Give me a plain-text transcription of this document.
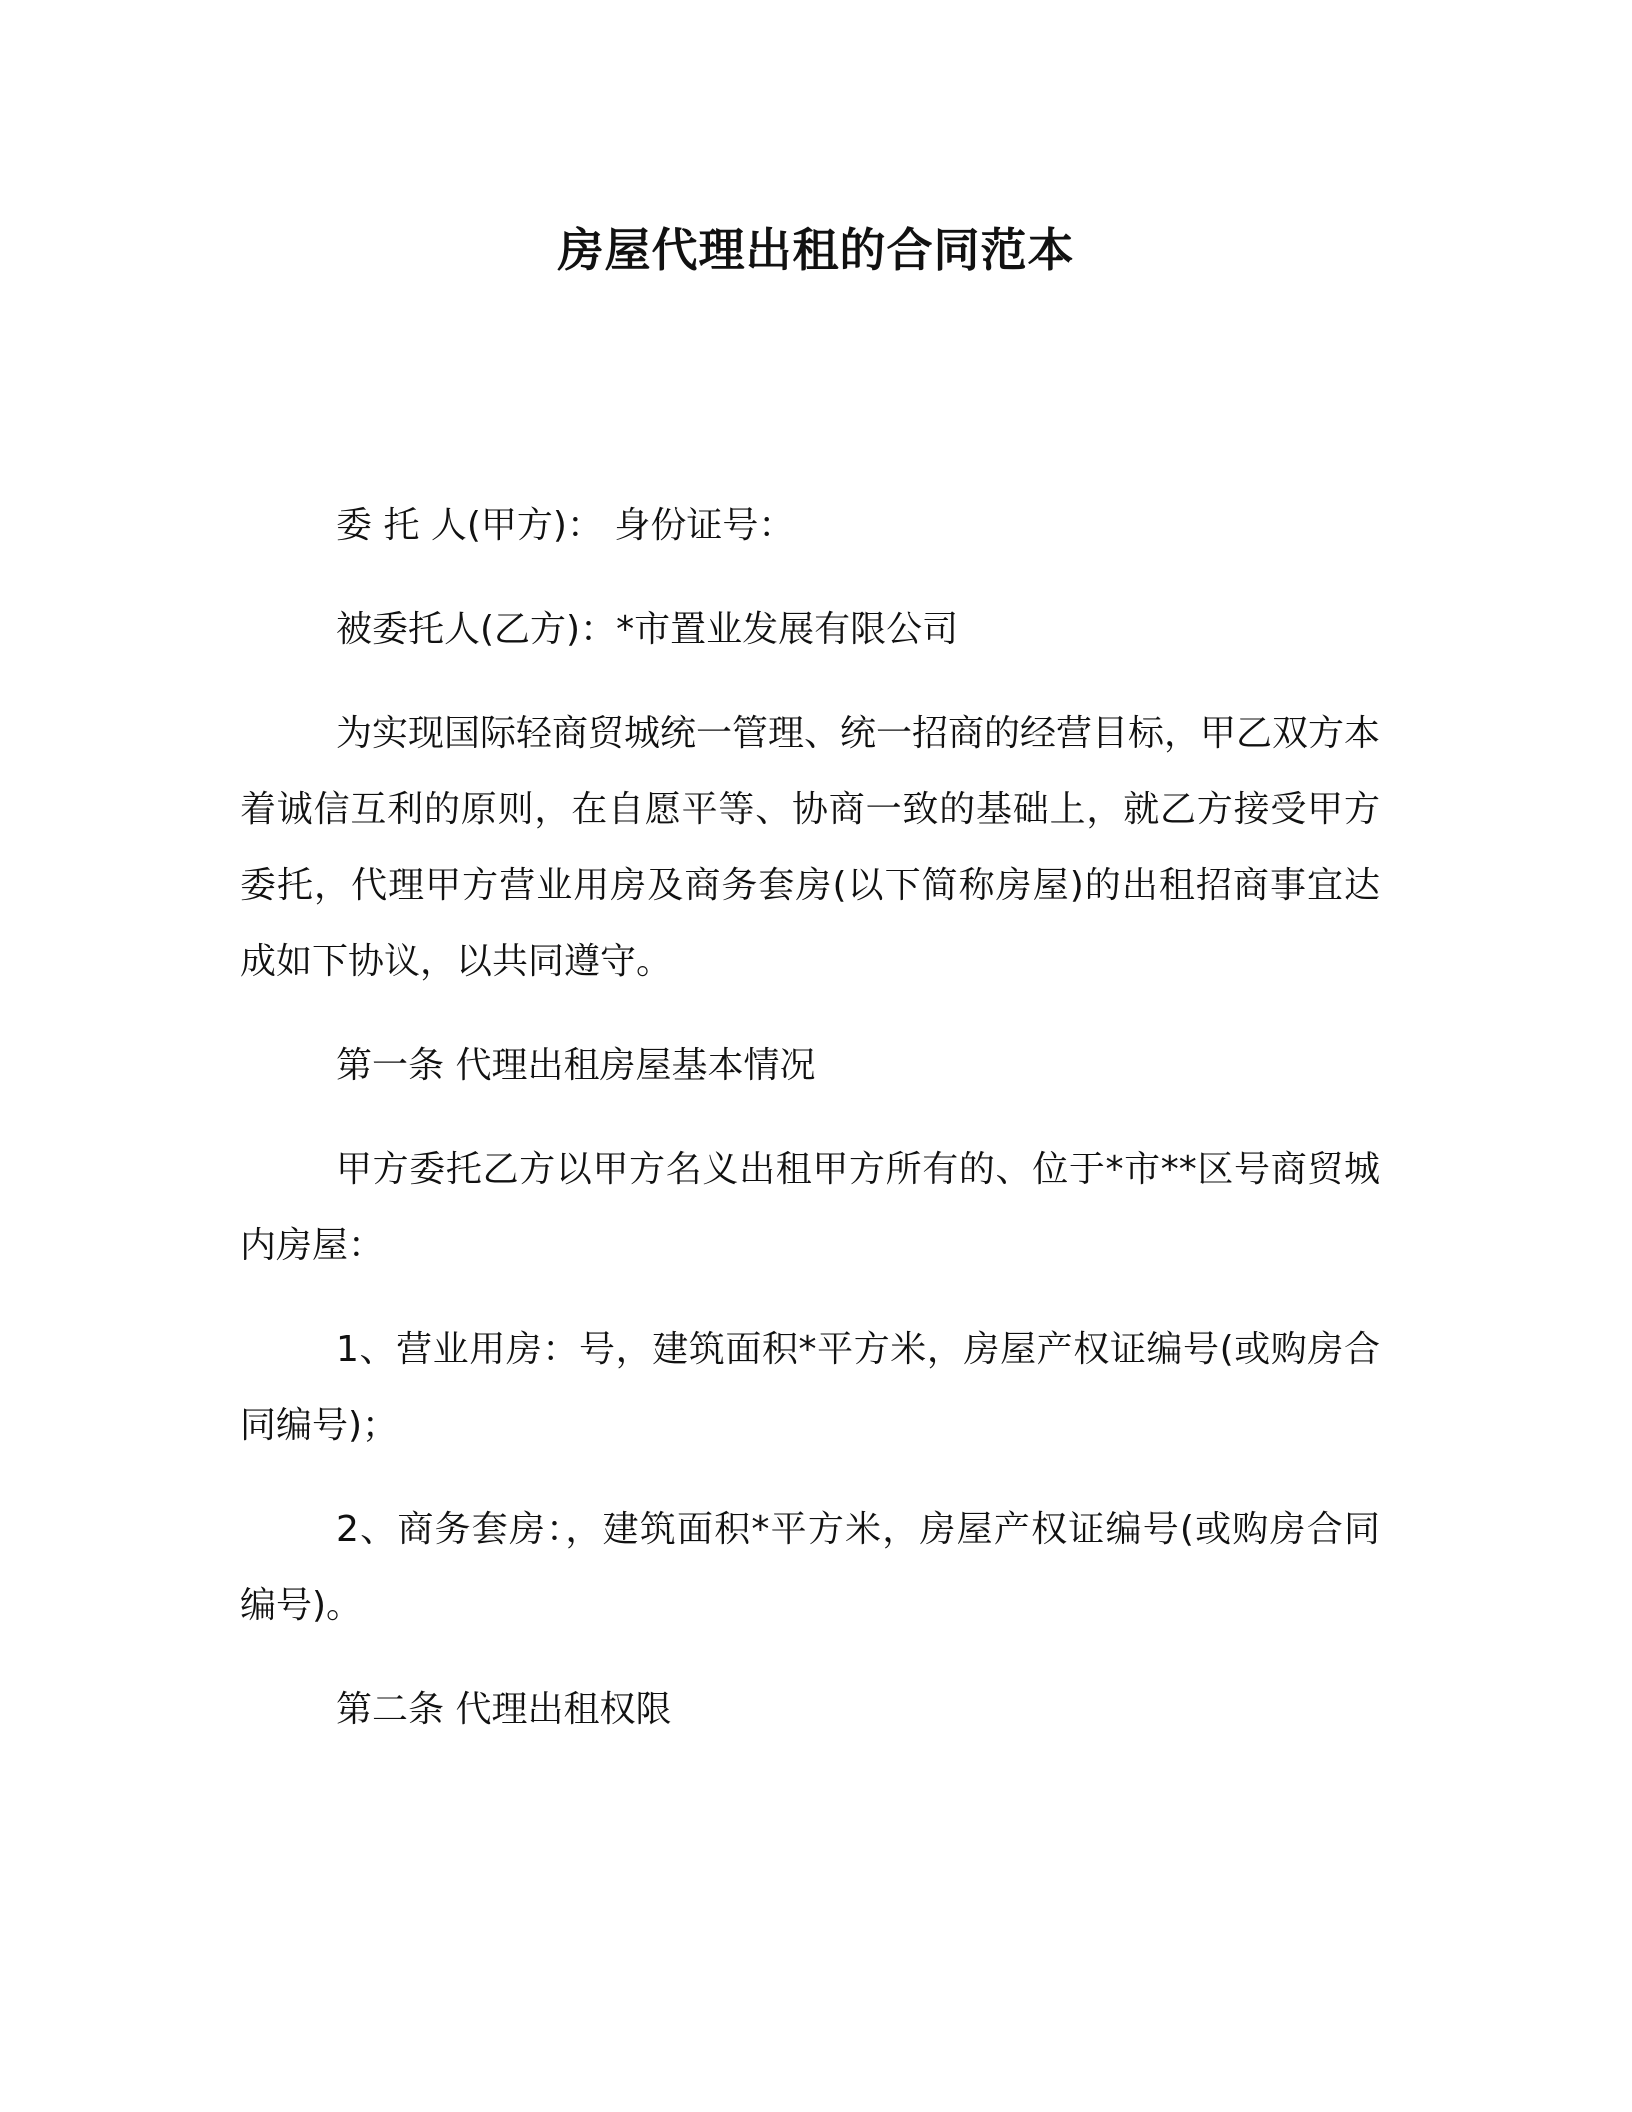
房屋代理出租的合同范本

委 托 人(甲方)： 身份证号：

被委托人(乙方)：*市置业发展有限公司

为实现国际轻商贸城统一管理、统一招商的经营目标，甲乙双方本着诚信互利的原则，在自愿平等、协商一致的基础上，就乙方接受甲方委托，代理甲方营业用房及商务套房(以下简称房屋)的出租招商事宜达成如下协议，以共同遵守。

第一条 代理出租房屋基本情况

甲方委托乙方以甲方名义出租甲方所有的、位于*市**区号商贸城内房屋：

1、营业用房：号，建筑面积*平方米，房屋产权证编号(或购房合同编号)；

2、商务套房：，建筑面积*平方米，房屋产权证编号(或购房合同编号)。

第二条 代理出租权限
